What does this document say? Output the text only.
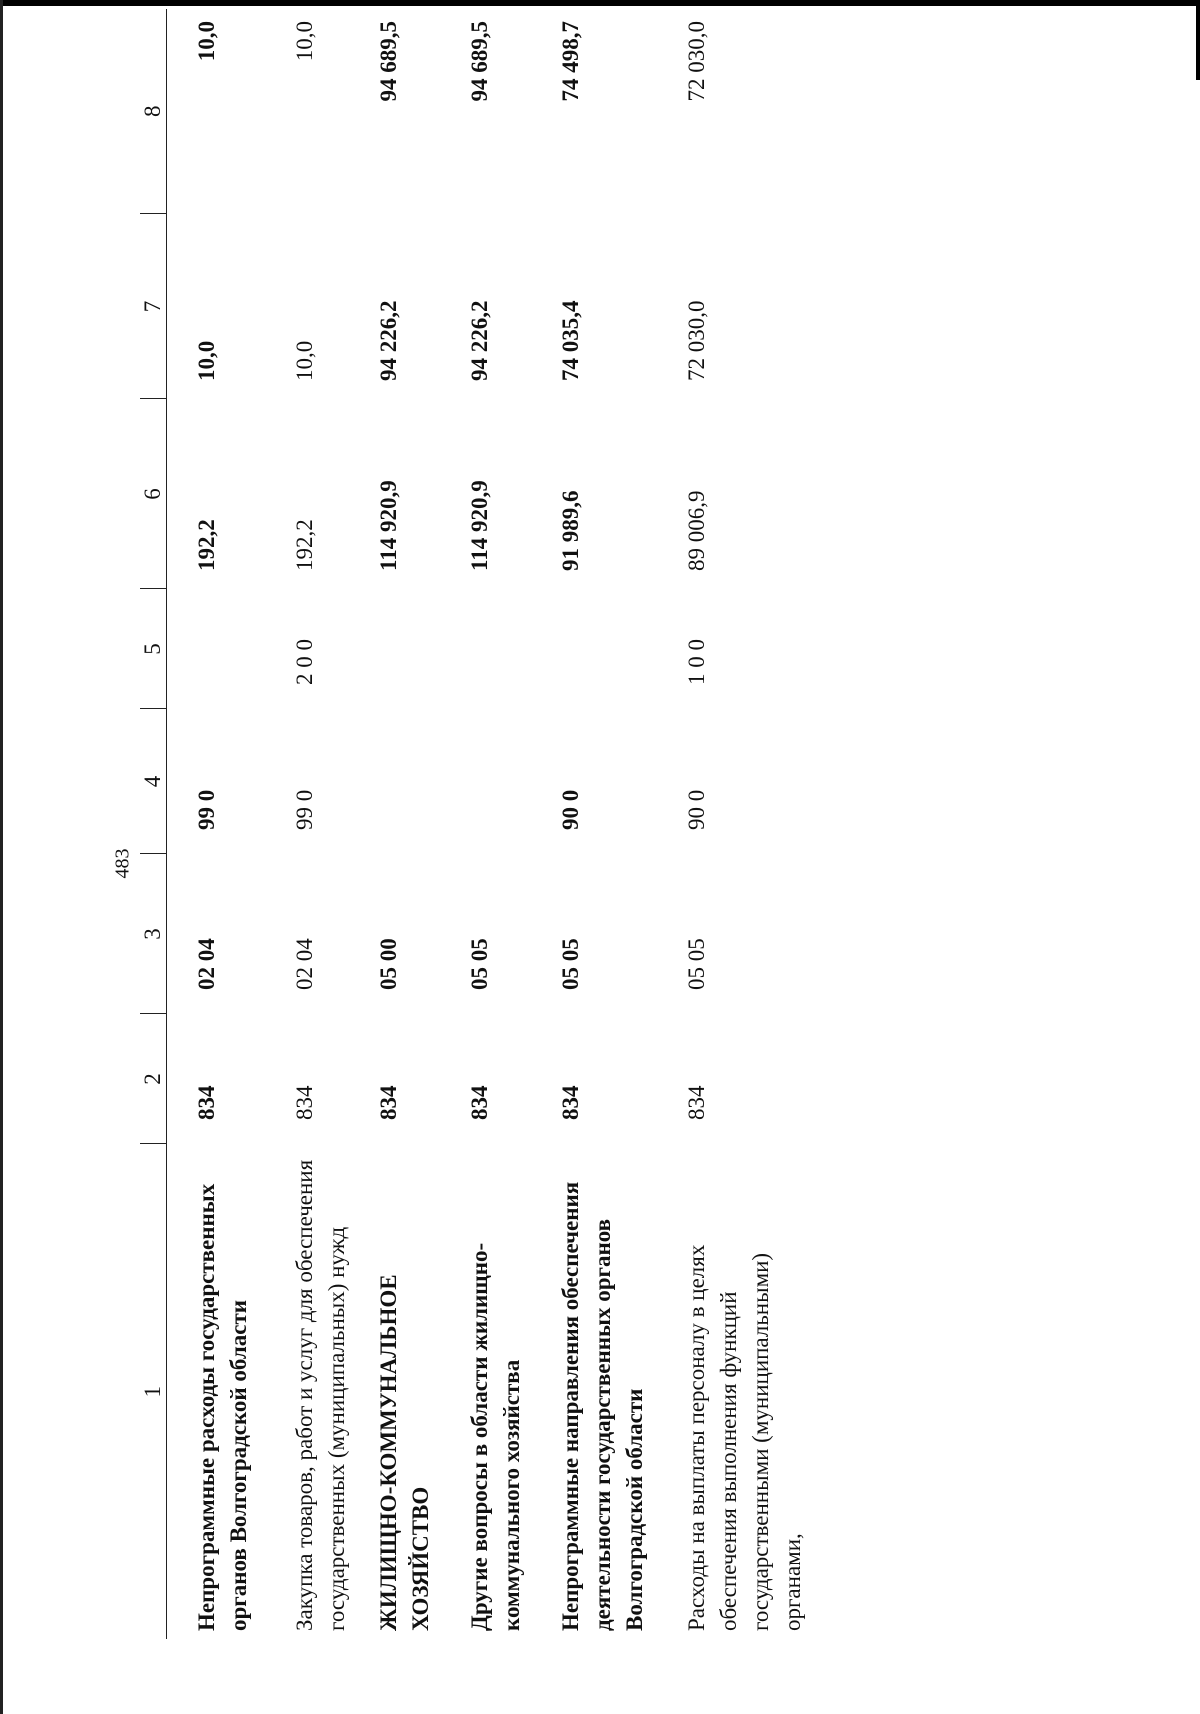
483
1	2	3	4	5	6	7	8
Непрограммные расходы государственных органов Волгоградской области	834	02 04	99 0		192,2	10,0	10,0
Закупка товаров, работ и услуг для обеспечения государственных (муниципальных) нужд	834	02 04	99 0	2 0 0	192,2	10,0	10,0
ЖИЛИЩНО-КОММУНАЛЬНОЕ ХОЗЯЙСТВО	834	05 00			114 920,9	94 226,2	94 689,5
Другие вопросы в области жилищно-коммунального хозяйства	834	05 05			114 920,9	94 226,2	94 689,5
Непрограммные направления обеспечения деятельности государственных органов Волгоградской области	834	05 05	90 0		91 989,6	74 035,4	74 498,7
Расходы на выплаты персоналу в целях обеспечения выполнения функций государственными (муниципальными) органами,	834	05 05	90 0	1 0 0	89 006,9	72 030,0	72 030,0
